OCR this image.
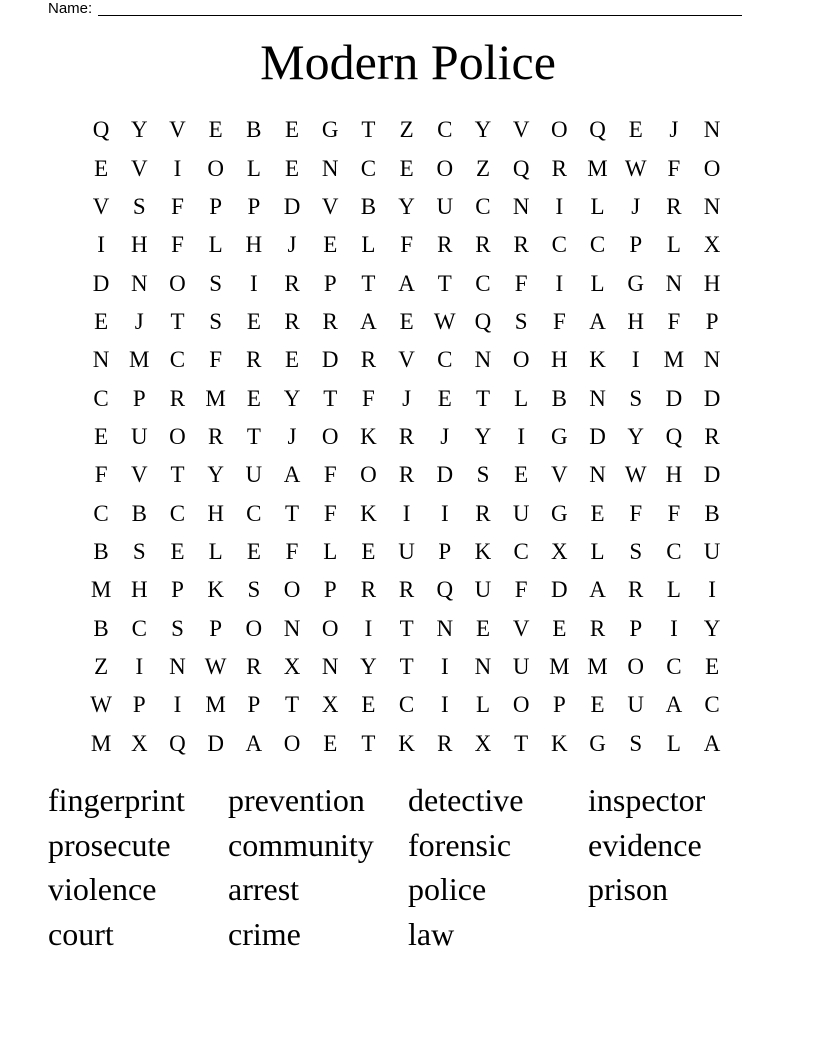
Name:
Modern Police
Q Y V E	B	E G T	Z	C Y V O Q E	J	N
E V	I	O L	E N C	E O Z Q R M W F	O
V	S	F	P	P	D V B Y U C N	I	L	J	R N
I	H	F	L H	J	E	L	F	R R R C C	P	L X
D N O	S	I	R	P	T A T	C	F	I	L G N H
E	J	T	S	E	R R A E W Q	S	F	A H	F	P
N M C	F	R	E D R V C N O H K	I	M N
C	P	R M E Y T	F	J	E	T	L	B N	S	D D
E U O R	T	J	O K R	J	Y	I	G D Y Q R
F	V T Y U A	F	O R D	S	E V N W H D
C B C H C	T	F	K	I	I	R U G E	F	F	B
B	S	E	L	E	F	L	E U	P	K C X L	S	C U
M H	P	K	S	O	P	R R Q U	F	D A R	L	I
B C	S	P	O N O	I	T N E V E	R	P	I	Y
Z	I	N W R X N Y T	I	N U M M O C	E
W P	I	M P	T X E	C	I	L O	P	E U A C
M X Q D A O E	T K R X T K G	S	L A
fingerprint	prevention	detective	inspector
prosecute	community	forensic	evidence
violence	arrest	police	prison
court	crime	law
